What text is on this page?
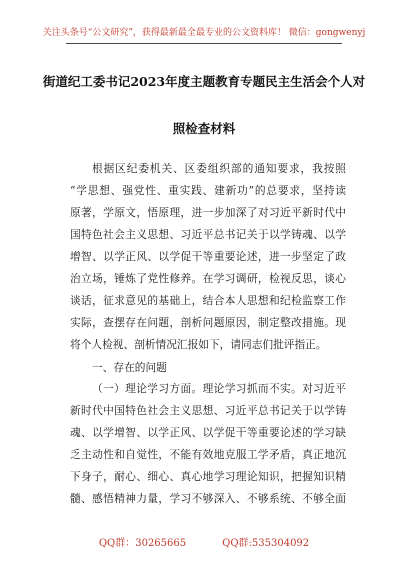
关注头条号“公文研究”，获得最新最全最专业的公文资料库！ 微信：gongwenyj
街道纪工委书记2023年度主题教育专题民主生活会个人对
照检查材料
根据区纪委机关、区委组织部的通知要求，我按照
“学思想、强党性、重实践、建新功”的总要求，坚持读
原著，学原文，悟原理，进一步加深了对习近平新时代中
国特色社会主义思想、习近平总书记关于以学铸魂、以学
增智、以学正风、以学促干等重要论述，进一步坚定了政
治立场，锤炼了党性修养。在学习调研，检视反思，谈心
谈话，征求意见的基础上，结合本人思想和纪检监察工作
实际，查摆存在问题，剖析问题原因，制定整改措施。现
将个人检视、剖析情况汇报如下，请同志们批评指正。
一、存在的问题
（一）理论学习方面。理论学习抓而不实。对习近平
新时代中国特色社会主义思想、习近平总书记关于以学铸
魂、以学增智、以学正风、以学促干等重要论述的学习缺
乏主动性和自觉性，不能有效地克服工学矛盾，真正地沉
下身子，耐心、细心、真心地学习理论知识，把握知识精
髓、感悟精神力量，学习不够深入、不够系统、不够全面
QQ群：30265665	QQ群:535304092
